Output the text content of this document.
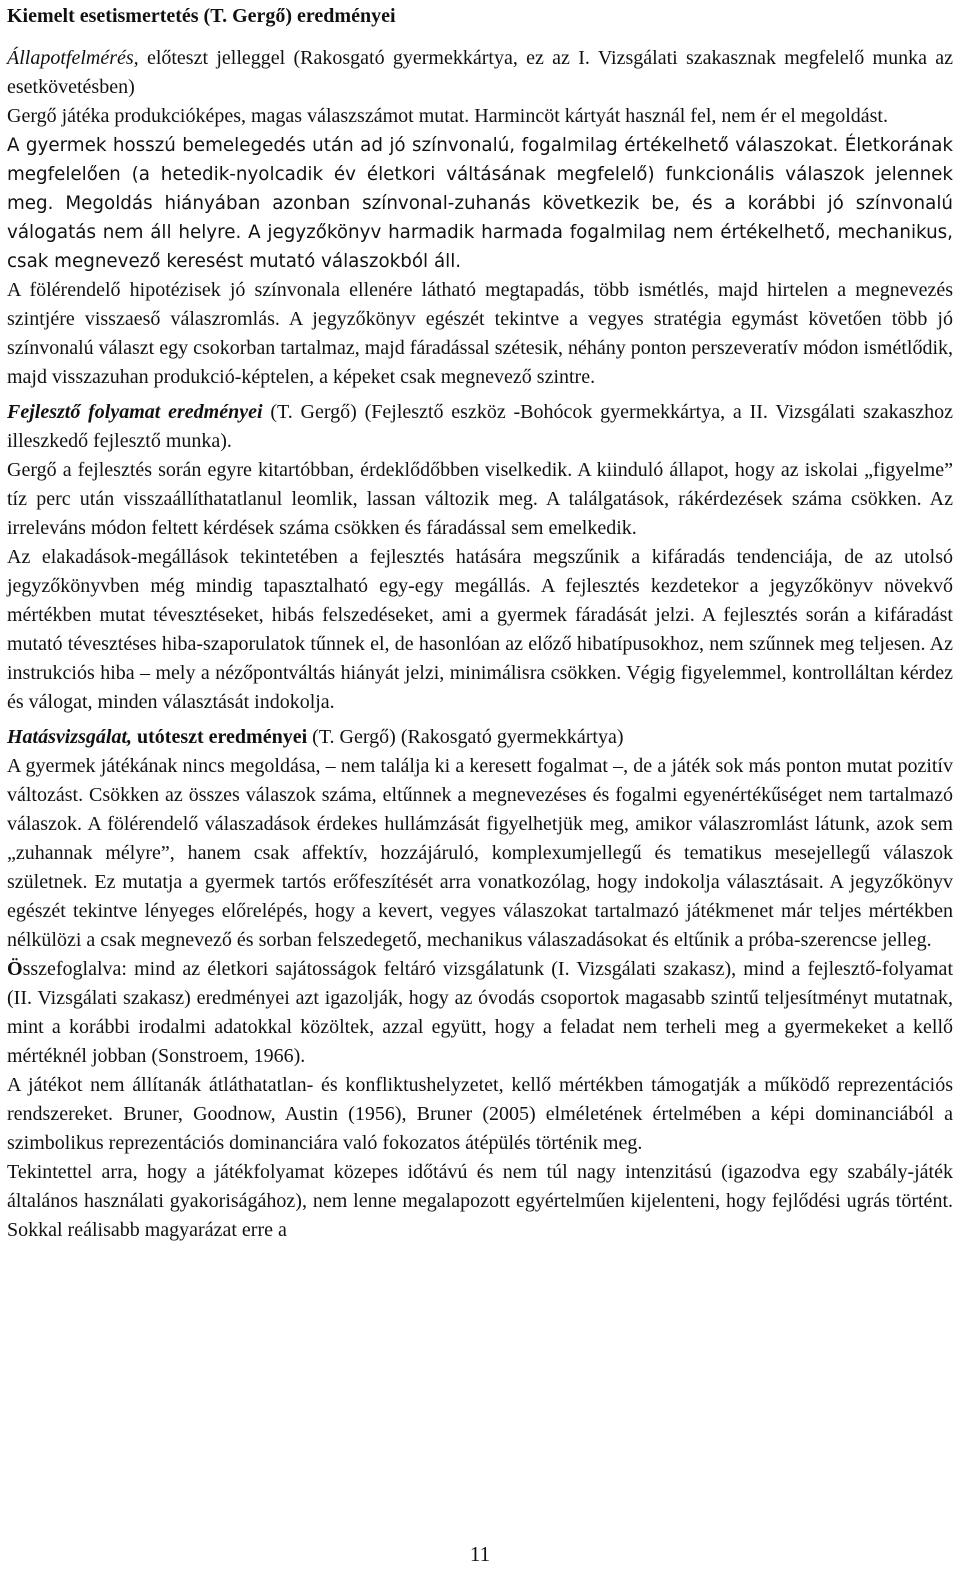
Kiemelt esetismertetés (T. Gergő) eredményei

Állapotfelmérés, előteszt jelleggel (Rakosgató gyermekkártya, ez az I. Vizsgálati szakasznak megfelelő munka az esetkövetésben)

Gergő játéka produkcióképes, magas válaszszámot mutat. Harmincöt kártyát használ fel, nem ér el megoldást.

A gyermek hosszú bemelegedés után ad jó színvonalú, fogalmilag értékelhető válaszokat. Életkorának megfelelően (a hetedik-nyolcadik év életkori váltásának megfelelő) funkcionális válaszok jelennek meg. Megoldás hiányában azonban színvonal-zuhanás következik be, és a korábbi jó színvonalú válogatás nem áll helyre. A jegyzőkönyv harmadik harmada fogalmilag nem értékelhető, mechanikus, csak megnevező keresést mutató válaszokból áll.

A fölérendelő hipotézisek jó színvonala ellenére látható megtapadás, több ismétlés, majd hirtelen a megnevezés szintjére visszaeső válaszromlás. A jegyzőkönyv egészét tekintve a vegyes stratégia egymást követően több jó színvonalú választ egy csokorban tartalmaz, majd fáradással szétesik, néhány ponton perszeveratív módon ismétlődik, majd visszazuhan produkció-képtelen, a képeket csak megnevező szintre.

Fejlesztő folyamat eredményei (T. Gergő) (Fejlesztő eszköz -Bohócok gyermekkártya, a II. Vizsgálati szakaszhoz illeszkedő fejlesztő munka).

Gergő a fejlesztés során egyre kitartóbban, érdeklődőbben viselkedik. A kiinduló állapot, hogy az iskolai „figyelme” tíz perc után visszaállíthatatlanul leomlik, lassan változik meg. A találgatások, rákérdezések száma csökken. Az irreleváns módon feltett kérdések száma csökken és fáradással sem emelkedik.

Az elakadások-megállások tekintetében a fejlesztés hatására megszűnik a kifáradás tendenciája, de az utolsó jegyzőkönyvben még mindig tapasztalható egy-egy megállás. A fejlesztés kezdetekor a jegyzőkönyv növekvő mértékben mutat tévesztéseket, hibás felszedéseket, ami a gyermek fáradását jelzi. A fejlesztés során a kifáradást mutató tévesztéses hiba-szaporulatok tűnnek el, de hasonlóan az előző hibatípusokhoz, nem szűnnek meg teljesen. Az instrukciós hiba – mely a nézőpontváltás hiányát jelzi, minimálisra csökken. Végig figyelemmel, kontrolláltan kérdez és válogat, minden választását indokolja.

Hatásvizsgálat, utóteszt eredményei (T. Gergő) (Rakosgató gyermekkártya)

A gyermek játékának nincs megoldása, – nem találja ki a keresett fogalmat –, de a játék sok más ponton mutat pozitív változást. Csökken az összes válaszok száma, eltűnnek a megnevezéses és fogalmi egyenértékűséget nem tartalmazó válaszok. A fölérendelő válaszadások érdekes hullámzását figyelhetjük meg, amikor válaszromlást látunk, azok sem „zuhannak mélyre”, hanem csak affektív, hozzájáruló, komplexumjellegű és tematikus mesejellegű válaszok születnek. Ez mutatja a gyermek tartós erőfeszítését arra vonatkozólag, hogy indokolja választásait. A jegyzőkönyv egészét tekintve lényeges előrelépés, hogy a kevert, vegyes válaszokat tartalmazó játékmenet már teljes mértékben nélkülözi a csak megnevező és sorban felszedegető, mechanikus válaszadásokat és eltűnik a próba-szerencse jelleg.

Összefoglalva: mind az életkori sajátosságok feltáró vizsgálatunk (I. Vizsgálati szakasz), mind a fejlesztő-folyamat (II. Vizsgálati szakasz) eredményei azt igazolják, hogy az óvodás csoportok magasabb szintű teljesítményt mutatnak, mint a korábbi irodalmi adatokkal közöltek, azzal együtt, hogy a feladat nem terheli meg a gyermekeket a kellő mértéknél jobban (Sonstroem, 1966).

A játékot nem állítanák átláthatatlan- és konfliktushelyzetet, kellő mértékben támogatják a működő reprezentációs rendszereket. Bruner, Goodnow, Austin (1956), Bruner (2005) elméletének értelmében a képi dominanciából a szimbolikus reprezentációs dominanciára való fokozatos átépülés történik meg.

Tekintettel arra, hogy a játékfolyamat közepes időtávú és nem túl nagy intenzitású (igazodva egy szabály-játék általános használati gyakoriságához), nem lenne megalapozott egyértelműen kijelenteni, hogy fejlődési ugrás történt. Sokkal reálisabb magyarázat erre a

11
